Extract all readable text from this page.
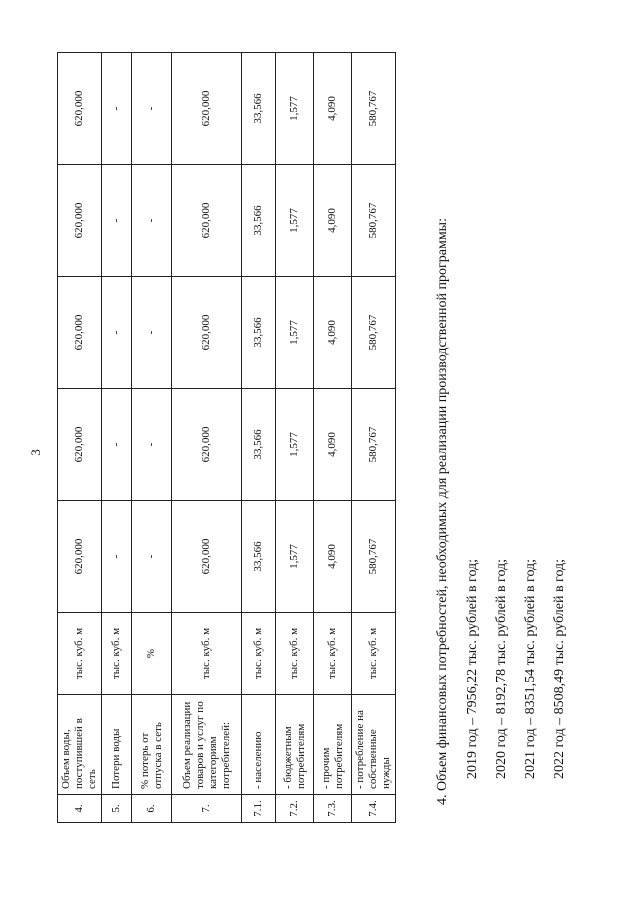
3
4.	Объем воды, поступившей в сеть	тыс. куб. м	620,000	620,000	620,000	620,000	620,000
5.	Потери воды	тыс. куб. м	-	-	-	-	-
6.	% потерь от отпуска в сеть	%	-	-	-	-	-
7.	Объем реализации товаров и услуг по категориям потребителей:	тыс. куб. м	620,000	620,000	620,000	620,000	620,000
7.1.	- населению	тыс. куб. м	33,566	33,566	33,566	33,566	33,566
7.2.	- бюджетным потребителям	тыс. куб. м	1,577	1,577	1,577	1,577	1,577
7.3.	- прочим потребителям	тыс. куб. м	4,090	4,090	4,090	4,090	4,090
7.4.	- потребление на собственные нужды	тыс. куб. м	580,767	580,767	580,767	580,767	580,767
4. Объем финансовых потребностей, необходимых для реализации производственной программы: 2019 год – 7956,22 тыс. рублей в год; 2020 год – 8192,78 тыс. рублей в год; 2021 год – 8351,54 тыс. рублей в год; 2022 год – 8508,49 тыс. рублей в год;
